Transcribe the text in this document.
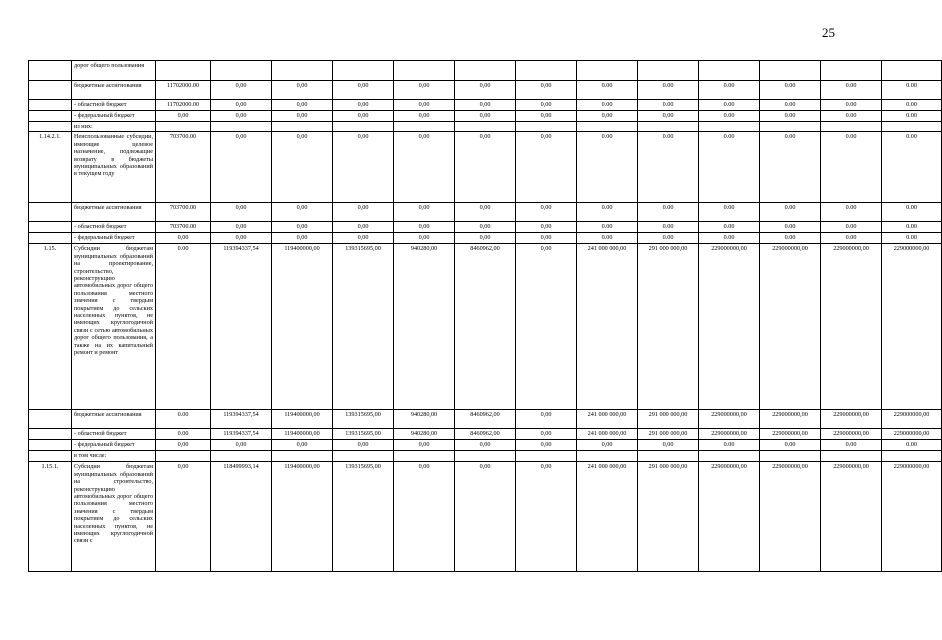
25
	дорог общего пользования													
	бюджетные ассигнования	11702000.00	0,00	0,00	0,00	0,00	0,00	0,00	0.00	0.00	0.00	0.00	0.00	0.00
	- областной бюджет	11702000.00	0,00	0,00	0,00	0,00	0,00	0,00	0.00	0.00	0.00	0.00	0.00	0.00
	- федеральный бюджет	0,00	0,00	0,00	0,00	0,00	0,00	0,00	0,00	0,00	0.00	0.00	0.00	0.00
	из них:													
1.14.2.1.	Неиспользованные субсидии, имеющие целевое назначение, подлежащие возврату в бюджеты муниципальных образований в текущем году	703700.00	0,00	0,00	0,00	0,00	0,00	0,00	0.00	0.00	0.00	0.00	0.00	0.00
	бюджетные ассигнования	703700.00	0,00	0,00	0,00	0,00	0,00	0,00	0.00	0.00	0.00	0.00	0.00	0.00
	- областной бюджет	703700.00	0,00	0,00	0,00	0,00	0,00	0,00	0.00	0.00	0.00	0.00	0.00	0.00
	- федеральный бюджет	0,00	0,00	0,00	0,00	0,00	0,00	0,00	0.00	0.00	0.00	0.00	0.00	0.00
1.15.	Субсидии бюджетам муниципальных образований на проектирование, строительство, реконструкцию автомобильных дорог общего пользования местного значения с твердым покрытием до сельских населенных пунктов, не имеющих круглогодичной связи с сетью автомобильных дорог общего пользования, а также на их капитальный ремонт и ремонт	0.00	119394337,54	119400000,00	139315695,00	940280,00	8460962,00	0,00	241 000 000,00	291 000 000,00	229000000,00	229000000,00	229000000,00	229000000,00
	бюджетные ассигнования	0.00	119394337,54	119400000,00	139315695,00	940280,00	8460962,00	0,00	241 000 000,00	291 000 000,00	229000000,00	229000000,00	229000000,00	229000000,00
	- областной бюджет	0.00	119394337,54	119400000,00	139315695,00	940280,00	8460962,00	0,00	241 000 000,00	291 000 000,00	229000000,00	229000000,00	229000000,00	229000000,00
	- федеральный бюджет	0,00	0,00	0,00	0,00	0,00	0,00	0,00	0,00	0,00	0.00	0.00	0.00	0.00
	в том числе:													
1.15.1.	Субсидии бюджетам муниципальных образований на строительство, реконструкцию автомобильных дорог общего пользования местного значения с твердым покрытием до сельских населенных пунктов, не имеющих круглогодичной связи с	0,00	118499993,14	119400000,00	139315695,00	0,00	0,00	0,00	241 000 000,00	291 000 000,00	229000000,00	229000000,00	229000000,00	229000000,00
